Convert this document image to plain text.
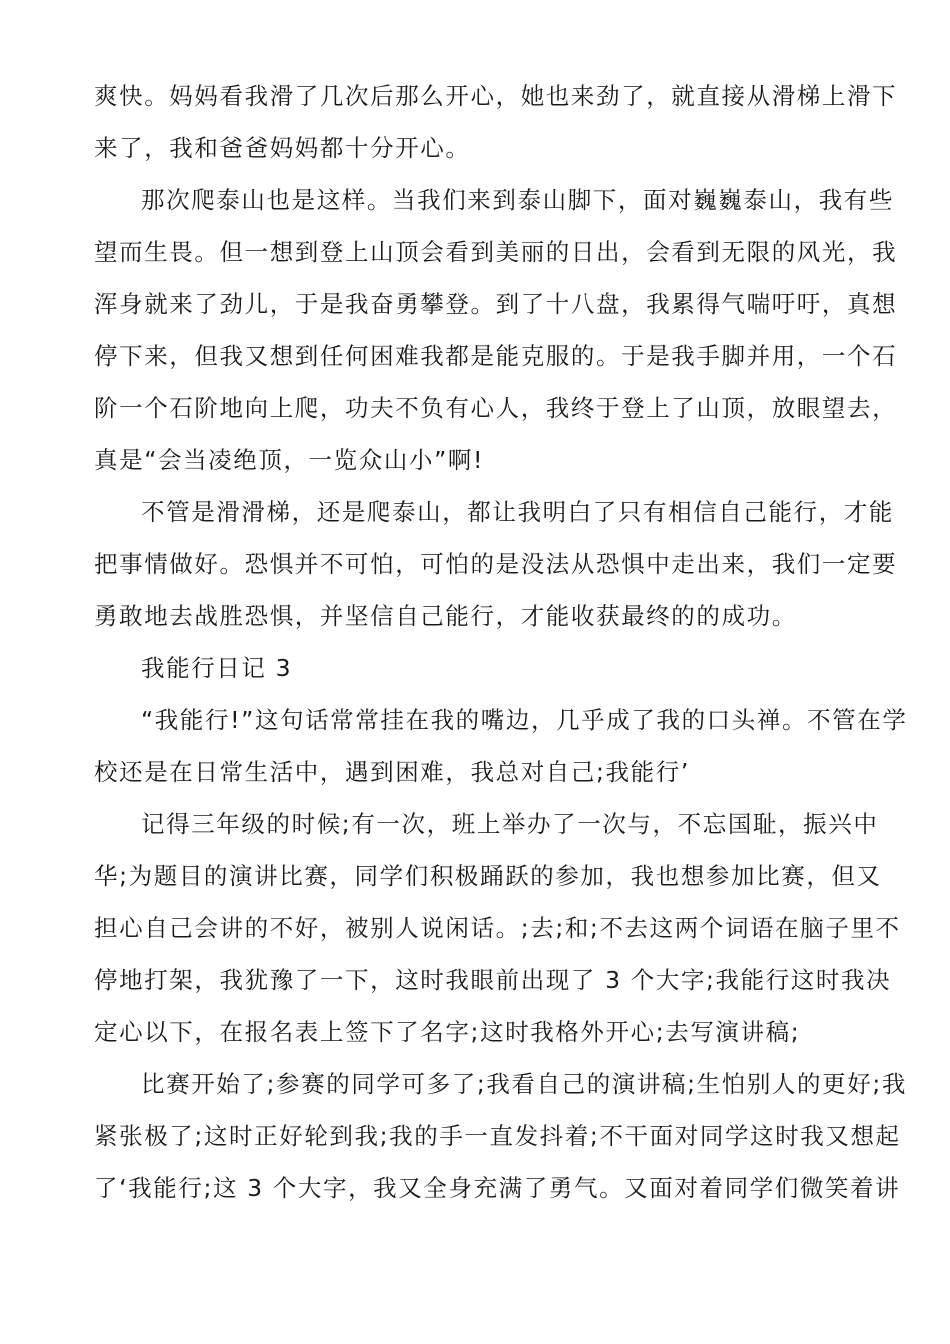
爽快。妈妈看我滑了几次后那么开心，她也来劲了，就直接从滑梯上滑下
来了，我和爸爸妈妈都十分开心。
那次爬泰山也是这样。当我们来到泰山脚下，面对巍巍泰山，我有些
望而生畏。但一想到登上山顶会看到美丽的日出，会看到无限的风光，我
浑身就来了劲儿，于是我奋勇攀登。到了十八盘，我累得气喘吁吁，真想
停下来，但我又想到任何困难我都是能克服的。于是我手脚并用，一个石
阶一个石阶地向上爬，功夫不负有心人，我终于登上了山顶，放眼望去，
真是“会当凌绝顶，一览众山小”啊!
不管是滑滑梯，还是爬泰山，都让我明白了只有相信自己能行，才能
把事情做好。恐惧并不可怕，可怕的是没法从恐惧中走出来，我们一定要
勇敢地去战胜恐惧，并坚信自己能行，才能收获最终的的成功。
我能行日记 3
“我能行!”这句话常常挂在我的嘴边，几乎成了我的口头禅。不管在学
校还是在日常生活中，遇到困难，我总对自己;我能行’
记得三年级的时候;有一次，班上举办了一次与，不忘国耻，振兴中
华;为题目的演讲比赛，同学们积极踊跃的参加，我也想参加比赛，但又
担心自己会讲的不好，被别人说闲话。;去;和;不去这两个词语在脑子里不
停地打架，我犹豫了一下，这时我眼前出现了 3 个大字;我能行这时我决
定心以下，在报名表上签下了名字;这时我格外开心;去写演讲稿;
比赛开始了;参赛的同学可多了;我看自己的演讲稿;生怕别人的更好;我
紧张极了;这时正好轮到我;我的手一直发抖着;不干面对同学这时我又想起
了‘我能行;这 3 个大字，我又全身充满了勇气。又面对着同学们微笑着讲
